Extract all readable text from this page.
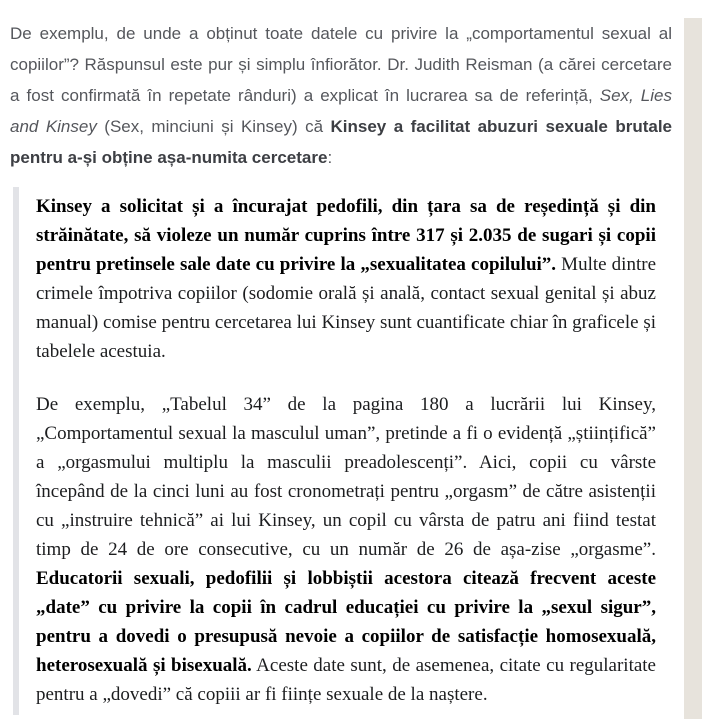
De exemplu, de unde a obținut toate datele cu privire la „comportamentul sexual al copiilor”? Răspunsul este pur și simplu înfiorător. Dr. Judith Reisman (a cărei cercetare a fost confirmată în repetate rânduri) a explicat în lucrarea sa de referință, Sex, Lies and Kinsey (Sex, minciuni și Kinsey) că Kinsey a facilitat abuzuri sexuale brutale pentru a-și obține așa-numita cercetare:

Kinsey a solicitat și a încurajat pedofili, din țara sa de reședință și din străinătate, să violeze un număr cuprins între 317 și 2.035 de sugari și copii pentru pretinsele sale date cu privire la „sexualitatea copilului”. Multe dintre crimele împotriva copiilor (sodomie orală și anală, contact sexual genital și abuz manual) comise pentru cercetarea lui Kinsey sunt cuantificate chiar în graficele și tabelele acestuia.

De exemplu, „Tabelul 34” de la pagina 180 a lucrării lui Kinsey, „Comportamentul sexual la masculul uman”, pretinde a fi o evidență „științifică” a „orgasmului multiplu la masculii preadolescenți”. Aici, copii cu vârste începând de la cinci luni au fost cronometrați pentru „orgasm” de către asistenții cu „instruire tehnică” ai lui Kinsey, un copil cu vârsta de patru ani fiind testat timp de 24 de ore consecutive, cu un număr de 26 de așa-zise „orgasme”. Educatorii sexuali, pedofilii și lobbiștii acestora citează frecvent aceste „date” cu privire la copii în cadrul educației cu privire la „sexul sigur”, pentru a dovedi o presupusă nevoie a copiilor de satisfacție homosexuală, heterosexuală și bisexuală. Aceste date sunt, de asemenea, citate cu regularitate pentru a „dovedi” că copiii ar fi ființe sexuale de la naștere.
